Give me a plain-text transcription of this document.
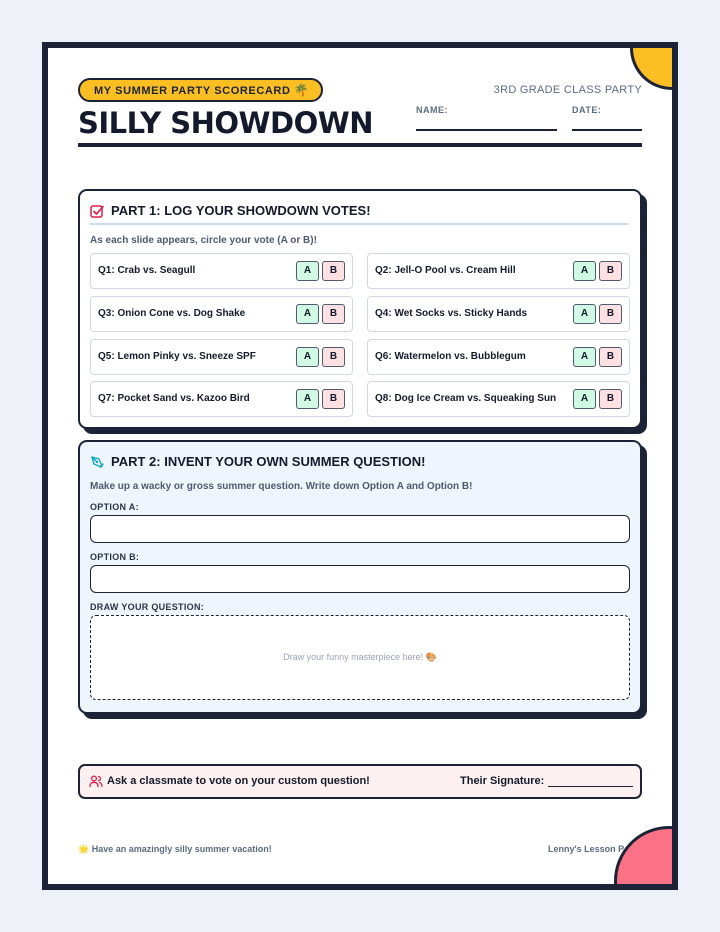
MY SUMMER PARTY SCORECARD 🌴
SILLY SHOWDOWN
3RD GRADE CLASS PARTY
NAME:	DATE:
PART 1: LOG YOUR SHOWDOWN VOTES!
As each slide appears, circle your vote (A or B)!
Q1: Crab vs. Seagull	A	B	Q2: Jell-O Pool vs. Cream Hill	A	B
Q3: Onion Cone vs. Dog Shake	A	B	Q4: Wet Socks vs. Sticky Hands	A	B
Q5: Lemon Pinky vs. Sneeze SPF	A	B	Q6: Watermelon vs. Bubblegum	A	B
Q7: Pocket Sand vs. Kazoo Bird	A	B	Q8: Dog Ice Cream vs. Squeaking Sun	A	B
PART 2: INVENT YOUR OWN SUMMER QUESTION!
Make up a wacky or gross summer question. Write down Option A and Option B!
OPTION A:
OPTION B:
DRAW YOUR QUESTION:
Draw your funny masterpiece here! 🎨
Ask a classmate to vote on your custom question!	Their Signature:
🌟 Have an amazingly silly summer vacation!	Lenny's Lesson P
